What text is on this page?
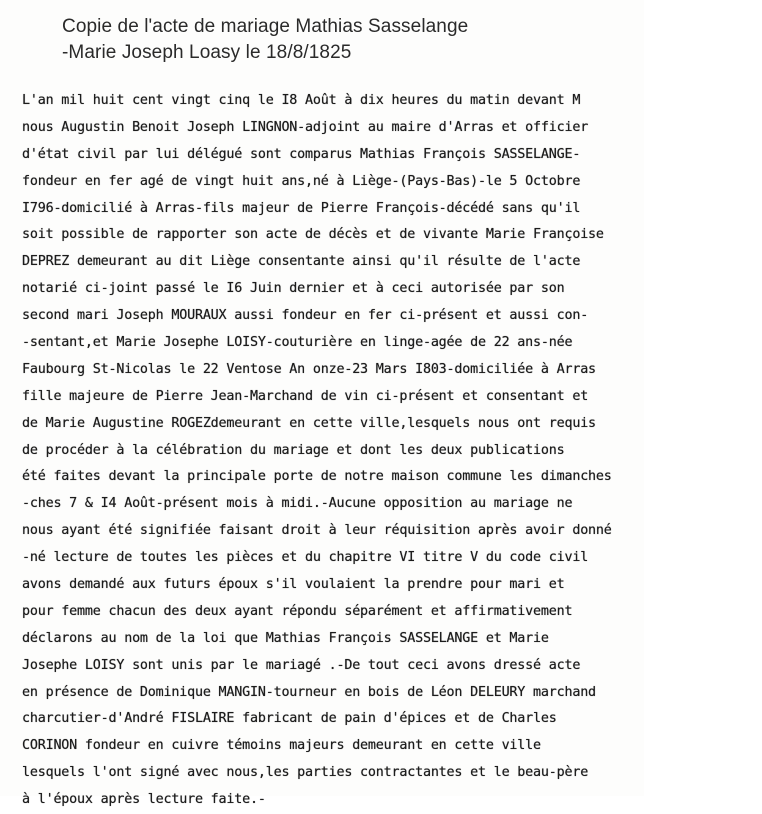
Copie de l'acte de mariage Mathias Sasselange
-Marie Joseph Loasy le 18/8/1825
L'an mil huit cent vingt cinq le I8 Août à dix heures du matin devant M
nous Augustin Benoit Joseph LINGNON-adjoint au maire d'Arras et officier
d'état civil par lui délégué sont comparus Mathias François SASSELANGE-
fondeur en fer agé de vingt huit ans,né à Liège-(Pays-Bas)-le 5 Octobre
I796-domicilié à Arras-fils majeur de Pierre François-décédé sans qu'il
soit possible de rapporter son acte de décès et de vivante Marie Françoise
DEPREZ demeurant au dit Liège consentante ainsi qu'il résulte de l'acte
notarié ci-joint passé le I6 Juin dernier et à ceci autorisée par son
second mari Joseph MOURAUX aussi fondeur en fer ci-présent et aussi con-
-sentant,et Marie Josephe LOISY-couturière en linge-agée de 22 ans-née
Faubourg St-Nicolas le 22 Ventose An onze-23 Mars I803-domiciliée à Arras
fille majeure de Pierre Jean-Marchand de vin ci-présent et consentant et
de Marie Augustine ROGEZdemeurant en cette ville,lesquels nous ont requis
de procéder à la célébration du mariage et dont les deux publications
été faites devant la principale porte de notre maison commune les dimanches
-ches 7 & I4 Août-présent mois à midi.-Aucune opposition au mariage ne
nous ayant été signifiée faisant droit à leur réquisition après avoir donné
-né lecture de toutes les pièces et du chapitre VI titre V du code civil
avons demandé aux futurs époux s'il voulaient la prendre pour mari et
pour femme chacun des deux ayant répondu séparément et affirmativement
déclarons au nom de la loi que Mathias François SASSELANGE et Marie
Josephe LOISY sont unis par le mariagé .-De tout ceci avons dressé acte
en présence de Dominique MANGIN-tourneur en bois de Léon DELEURY marchand
charcutier-d'André FISLAIRE fabricant de pain d'épices et de Charles
CORINON fondeur en cuivre témoins majeurs demeurant en cette ville
lesquels l'ont signé avec nous,les parties contractantes et le beau-père
à l'époux après lecture faite.-
